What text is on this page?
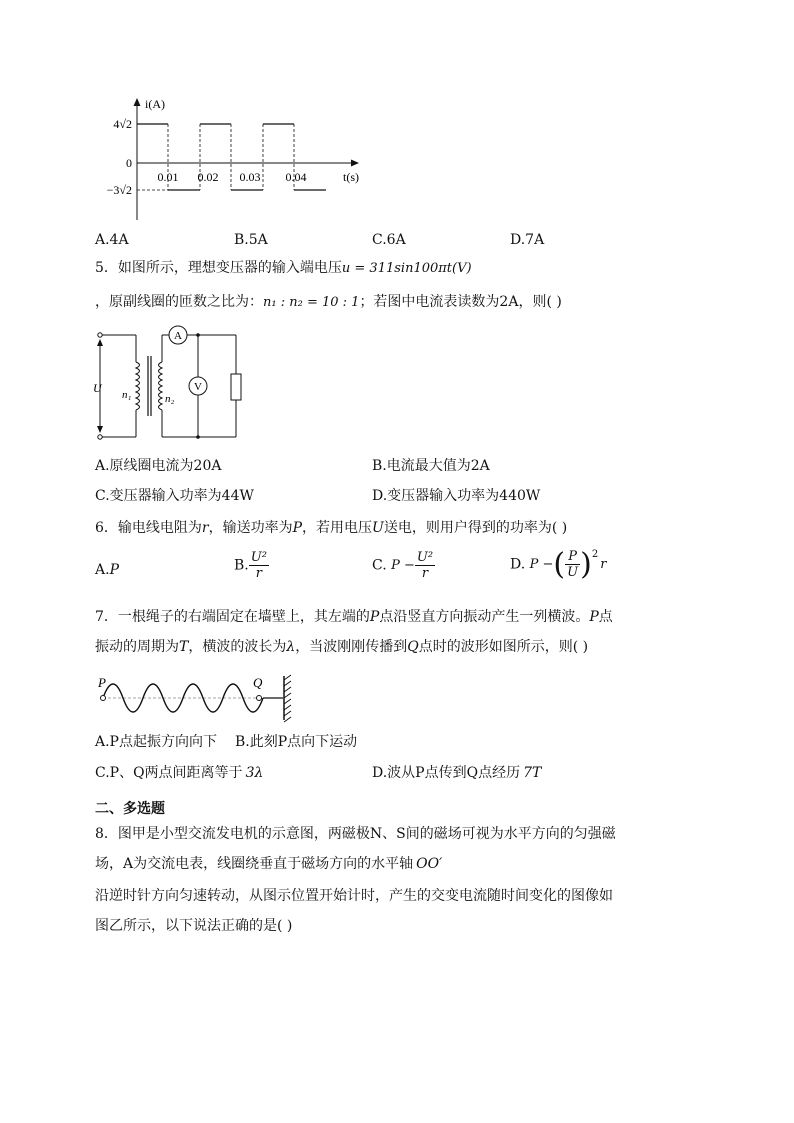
i(A)
4√2
0
−3√2
0.01 0.02 0.03 0.04	t(s)
A.4A	B.5A	C.6A	D.7A
5．如图所示，理想变压器的输入端电压u = 311sin100πt(V)
，原副线圈的匝数之比为：n₁ : n₂ = 10 : 1；若图中电流表读数为2A，则( )
U n₁	n₂
A
V
A.原线圈电流为20A	B.电流最大值为2A
C.变压器输入功率为44W	D.变压器输入功率为440W
6．输电线电阻为r，输送功率为P，若用电压U送电，则用户得到的功率为( )
A.P	B. $\frac{\text{U²}}{r}$	C. $P - \frac{\text{U²}}{r}$	D. P −( $\frac{P}{U} )^2r$
7．一根绳子的右端固定在墙壁上，其左端的P点沿竖直方向振动产生一列横波。P点
振动的周期为T，横波的波长为λ，当波刚刚传播到Q点时的波形如图所示，则( )
P	Q
A.P点起振方向向下 B.此刻P点向下运动
C.P、Q两点间距离等于 3λ	D.波从P点传到Q点经历 7T
二、多选题
8．图甲是小型交流发电机的示意图，两磁极N、S间的磁场可视为水平方向的匀强磁
场，A为交流电表，线圈绕垂直于磁场方向的水平轴 OO′
沿逆时针方向匀速转动，从图示位置开始计时，产生的交变电流随时间变化的图像如
图乙所示，以下说法正确的是( )
